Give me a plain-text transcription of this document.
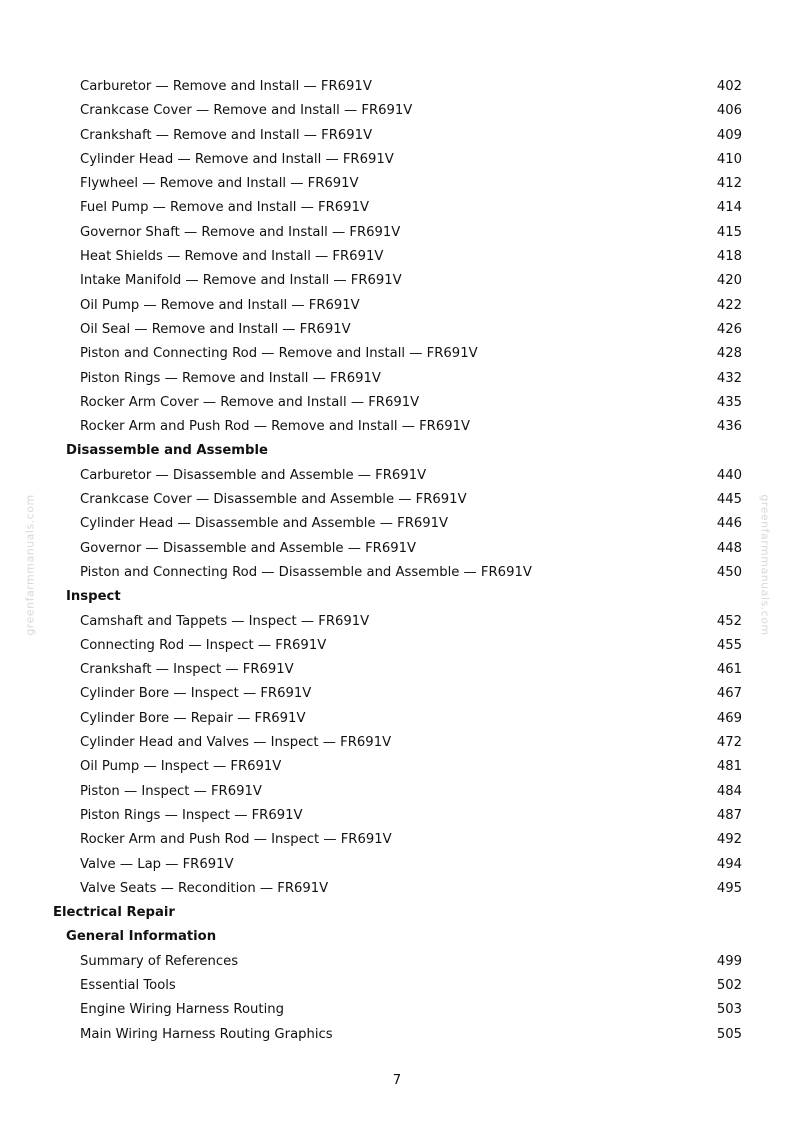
greenfarmmanuals.com	greenfarmmanuals.com
Carburetor — Remove and Install — FR691V	402
Crankcase Cover — Remove and Install — FR691V	406
Crankshaft — Remove and Install — FR691V	409
Cylinder Head — Remove and Install — FR691V	410
Flywheel — Remove and Install — FR691V	412
Fuel Pump — Remove and Install — FR691V	414
Governor Shaft — Remove and Install — FR691V	415
Heat Shields — Remove and Install — FR691V	418
Intake Manifold — Remove and Install — FR691V	420
Oil Pump — Remove and Install — FR691V	422
Oil Seal — Remove and Install — FR691V	426
Piston and Connecting Rod — Remove and Install — FR691V	428
Piston Rings — Remove and Install — FR691V	432
Rocker Arm Cover — Remove and Install — FR691V	435
Rocker Arm and Push Rod — Remove and Install — FR691V	436
Disassemble and Assemble
Carburetor — Disassemble and Assemble — FR691V	440
Crankcase Cover — Disassemble and Assemble — FR691V	445
Cylinder Head — Disassemble and Assemble — FR691V	446
Governor — Disassemble and Assemble — FR691V	448
Piston and Connecting Rod — Disassemble and Assemble — FR691V	450
Inspect
Camshaft and Tappets — Inspect — FR691V	452
Connecting Rod — Inspect — FR691V	455
Crankshaft — Inspect — FR691V	461
Cylinder Bore — Inspect — FR691V	467
Cylinder Bore — Repair — FR691V	469
Cylinder Head and Valves — Inspect — FR691V	472
Oil Pump — Inspect — FR691V	481
Piston — Inspect — FR691V	484
Piston Rings — Inspect — FR691V	487
Rocker Arm and Push Rod — Inspect — FR691V	492
Valve — Lap — FR691V	494
Valve Seats — Recondition — FR691V	495
Electrical Repair
General Information
Summary of References	499
Essential Tools	502
Engine Wiring Harness Routing	503
Main Wiring Harness Routing Graphics	505
7
